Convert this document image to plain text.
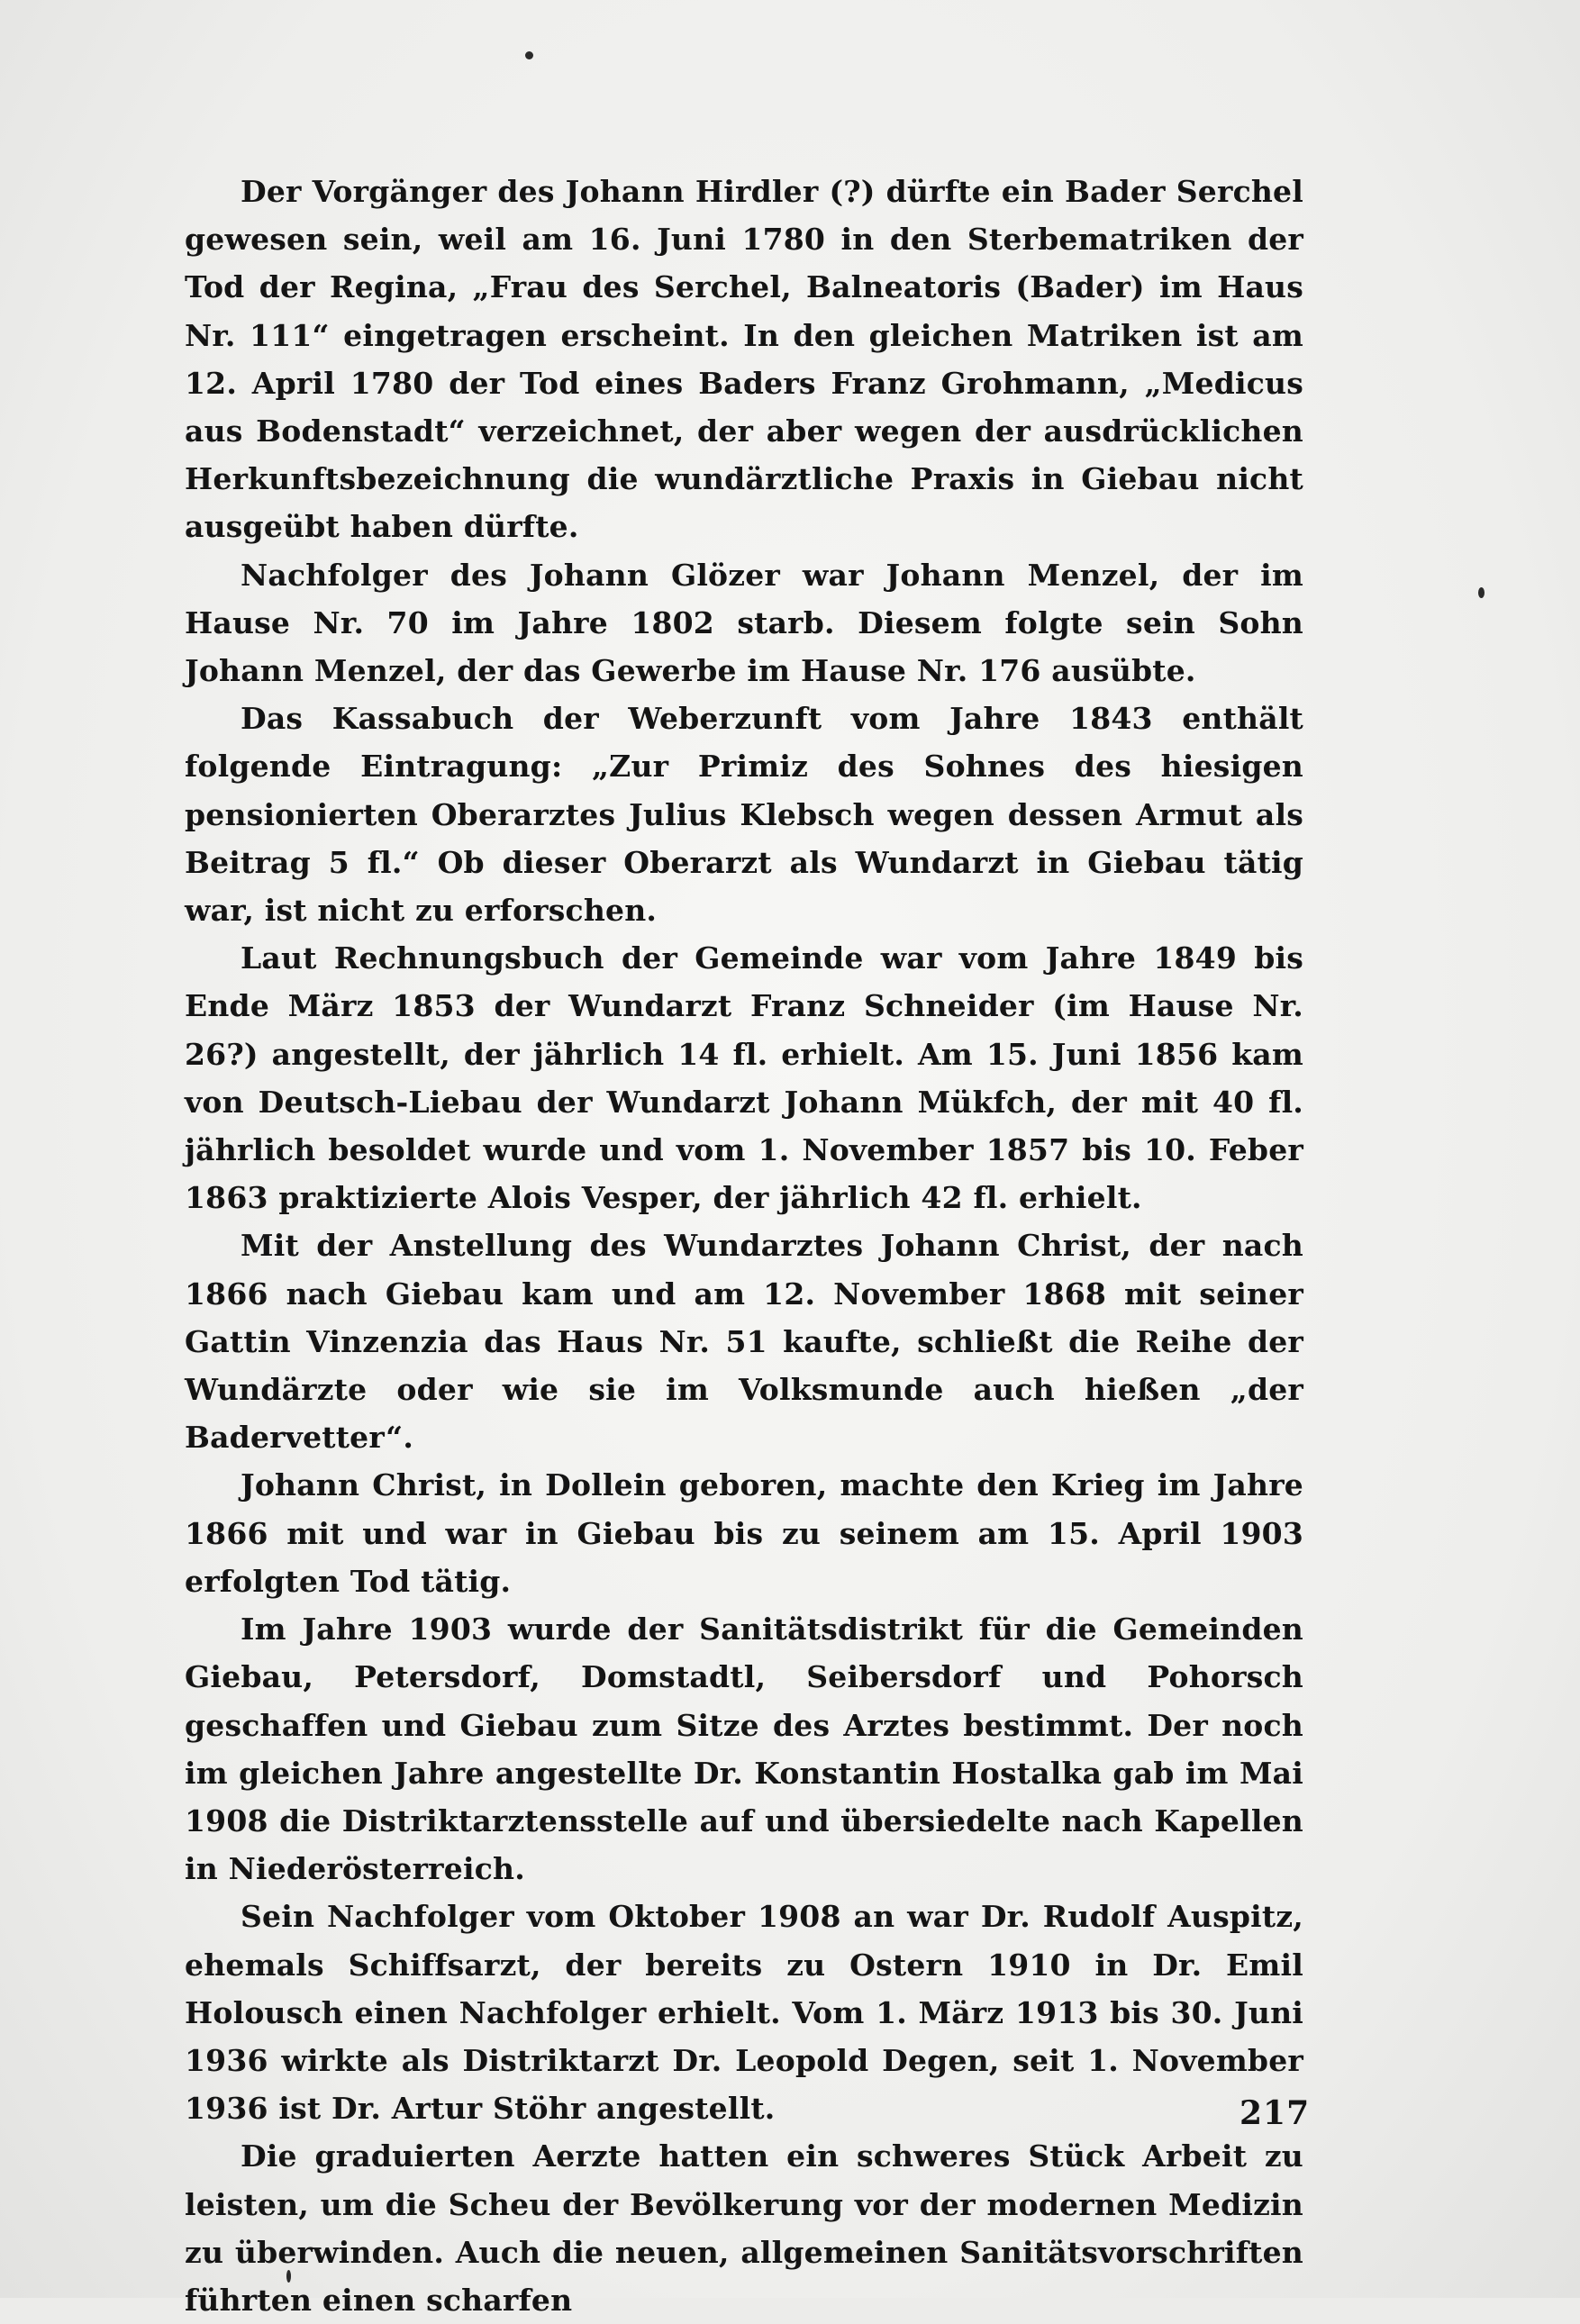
Der Vorgänger des Johann Hirdler (?) dürfte ein Bader Serchel gewesen sein, weil am 16. Juni 1780 in den Sterbematriken der Tod der Regina, „Frau des Serchel, Balneatoris (Bader) im Haus Nr. 111“ eingetragen erscheint. In den gleichen Matriken ist am 12. April 1780 der Tod eines Baders Franz Grohmann, „Medicus aus Bodenstadt“ verzeichnet, der aber wegen der ausdrücklichen Herkunftsbezeichnung die wundärztliche Praxis in Giebau nicht ausgeübt haben dürfte.

Nachfolger des Johann Glözer war Johann Menzel, der im Hause Nr. 70 im Jahre 1802 starb. Diesem folgte sein Sohn Johann Menzel, der das Gewerbe im Hause Nr. 176 ausübte.

Das Kassabuch der Weberzunft vom Jahre 1843 enthält folgende Eintragung: „Zur Primiz des Sohnes des hiesigen pensionierten Oberarztes Julius Klebsch wegen dessen Armut als Beitrag 5 fl.“ Ob dieser Oberarzt als Wundarzt in Giebau tätig war, ist nicht zu erforschen.

Laut Rechnungsbuch der Gemeinde war vom Jahre 1849 bis Ende März 1853 der Wundarzt Franz Schneider (im Hause Nr. 26?) angestellt, der jährlich 14 fl. erhielt. Am 15. Juni 1856 kam von Deutsch-Liebau der Wundarzt Johann Mükfch, der mit 40 fl. jährlich besoldet wurde und vom 1. November 1857 bis 10. Feber 1863 praktizierte Alois Vesper, der jährlich 42 fl. erhielt.

Mit der Anstellung des Wundarztes Johann Christ, der nach 1866 nach Giebau kam und am 12. November 1868 mit seiner Gattin Vinzenzia das Haus Nr. 51 kaufte, schließt die Reihe der Wundärzte oder wie sie im Volksmunde auch hießen „der Badervetter“.

Johann Christ, in Dollein geboren, machte den Krieg im Jahre 1866 mit und war in Giebau bis zu seinem am 15. April 1903 erfolgten Tod tätig.

Im Jahre 1903 wurde der Sanitätsdistrikt für die Gemeinden Giebau, Petersdorf, Domstadtl, Seibersdorf und Pohorsch geschaffen und Giebau zum Sitze des Arztes bestimmt. Der noch im gleichen Jahre angestellte Dr. Konstantin Hostalka gab im Mai 1908 die Distriktarztensstelle auf und übersiedelte nach Kapellen in Niederösterreich.

Sein Nachfolger vom Oktober 1908 an war Dr. Rudolf Auspitz, ehemals Schiffsarzt, der bereits zu Ostern 1910 in Dr. Emil Holousch einen Nachfolger erhielt. Vom 1. März 1913 bis 30. Juni 1936 wirkte als Distriktarzt Dr. Leopold Degen, seit 1. November 1936 ist Dr. Artur Stöhr angestellt.

Die graduierten Aerzte hatten ein schweres Stück Arbeit zu leisten, um die Scheu der Bevölkerung vor der modernen Medizin zu überwinden. Auch die neuen, allgemeinen Sanitätsvorschriften führten einen scharfen

217
